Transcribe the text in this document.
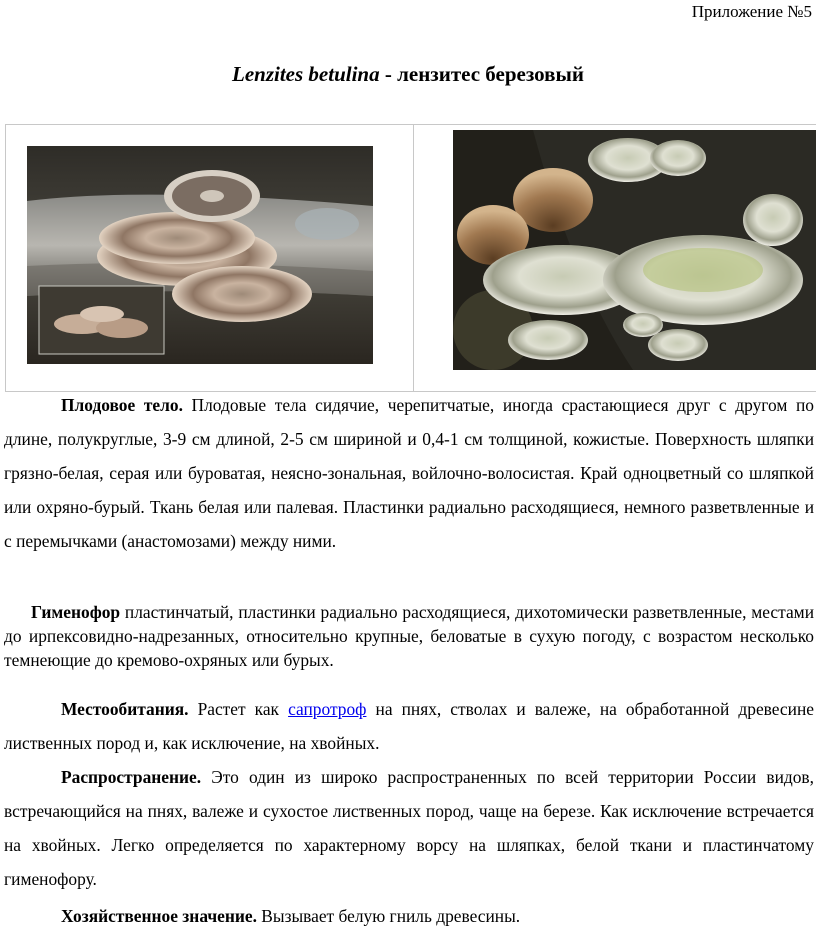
Приложение №5
Lenzites betulina - лензитес березовый
Плодовое тело. Плодовые тела сидячие, черепитчатые, иногда срастающиеся друг с другом по длине, полукруглые, 3-9 см длиной, 2-5 см шириной и 0,4-1 см толщиной, кожистые. Поверхность шляпки грязно-белая, серая или буроватая, неясно-зональная, войлочно-волосистая. Край одноцветный со шляпкой или охряно-бурый. Ткань белая или палевая. Пластинки радиально расходящиеся, немного разветвленные и с перемычками (анастомозами) между ними.
Гименофор пластинчатый, пластинки радиально расходящиеся, дихотомически разветвленные, местами до ирпексовидно-надрезанных, относительно крупные, беловатые в сухую погоду, с возрастом несколько темнеющие до кремово-охряных или бурых.
Местообитания. Растет как сапротроф на пнях, стволах и валеже, на обработанной древесине лиственных пород и, как исключение, на хвойных.
Распространение. Это один из широко распространенных по всей территории России видов, встречающийся на пнях, валеже и сухостое лиственных пород, чаще на березе. Как исключение встречается на хвойных. Легко определяется по характерному ворсу на шляпках, белой ткани и пластинчатому гименофору.
Хозяйственное значение. Вызывает белую гниль древесины.
